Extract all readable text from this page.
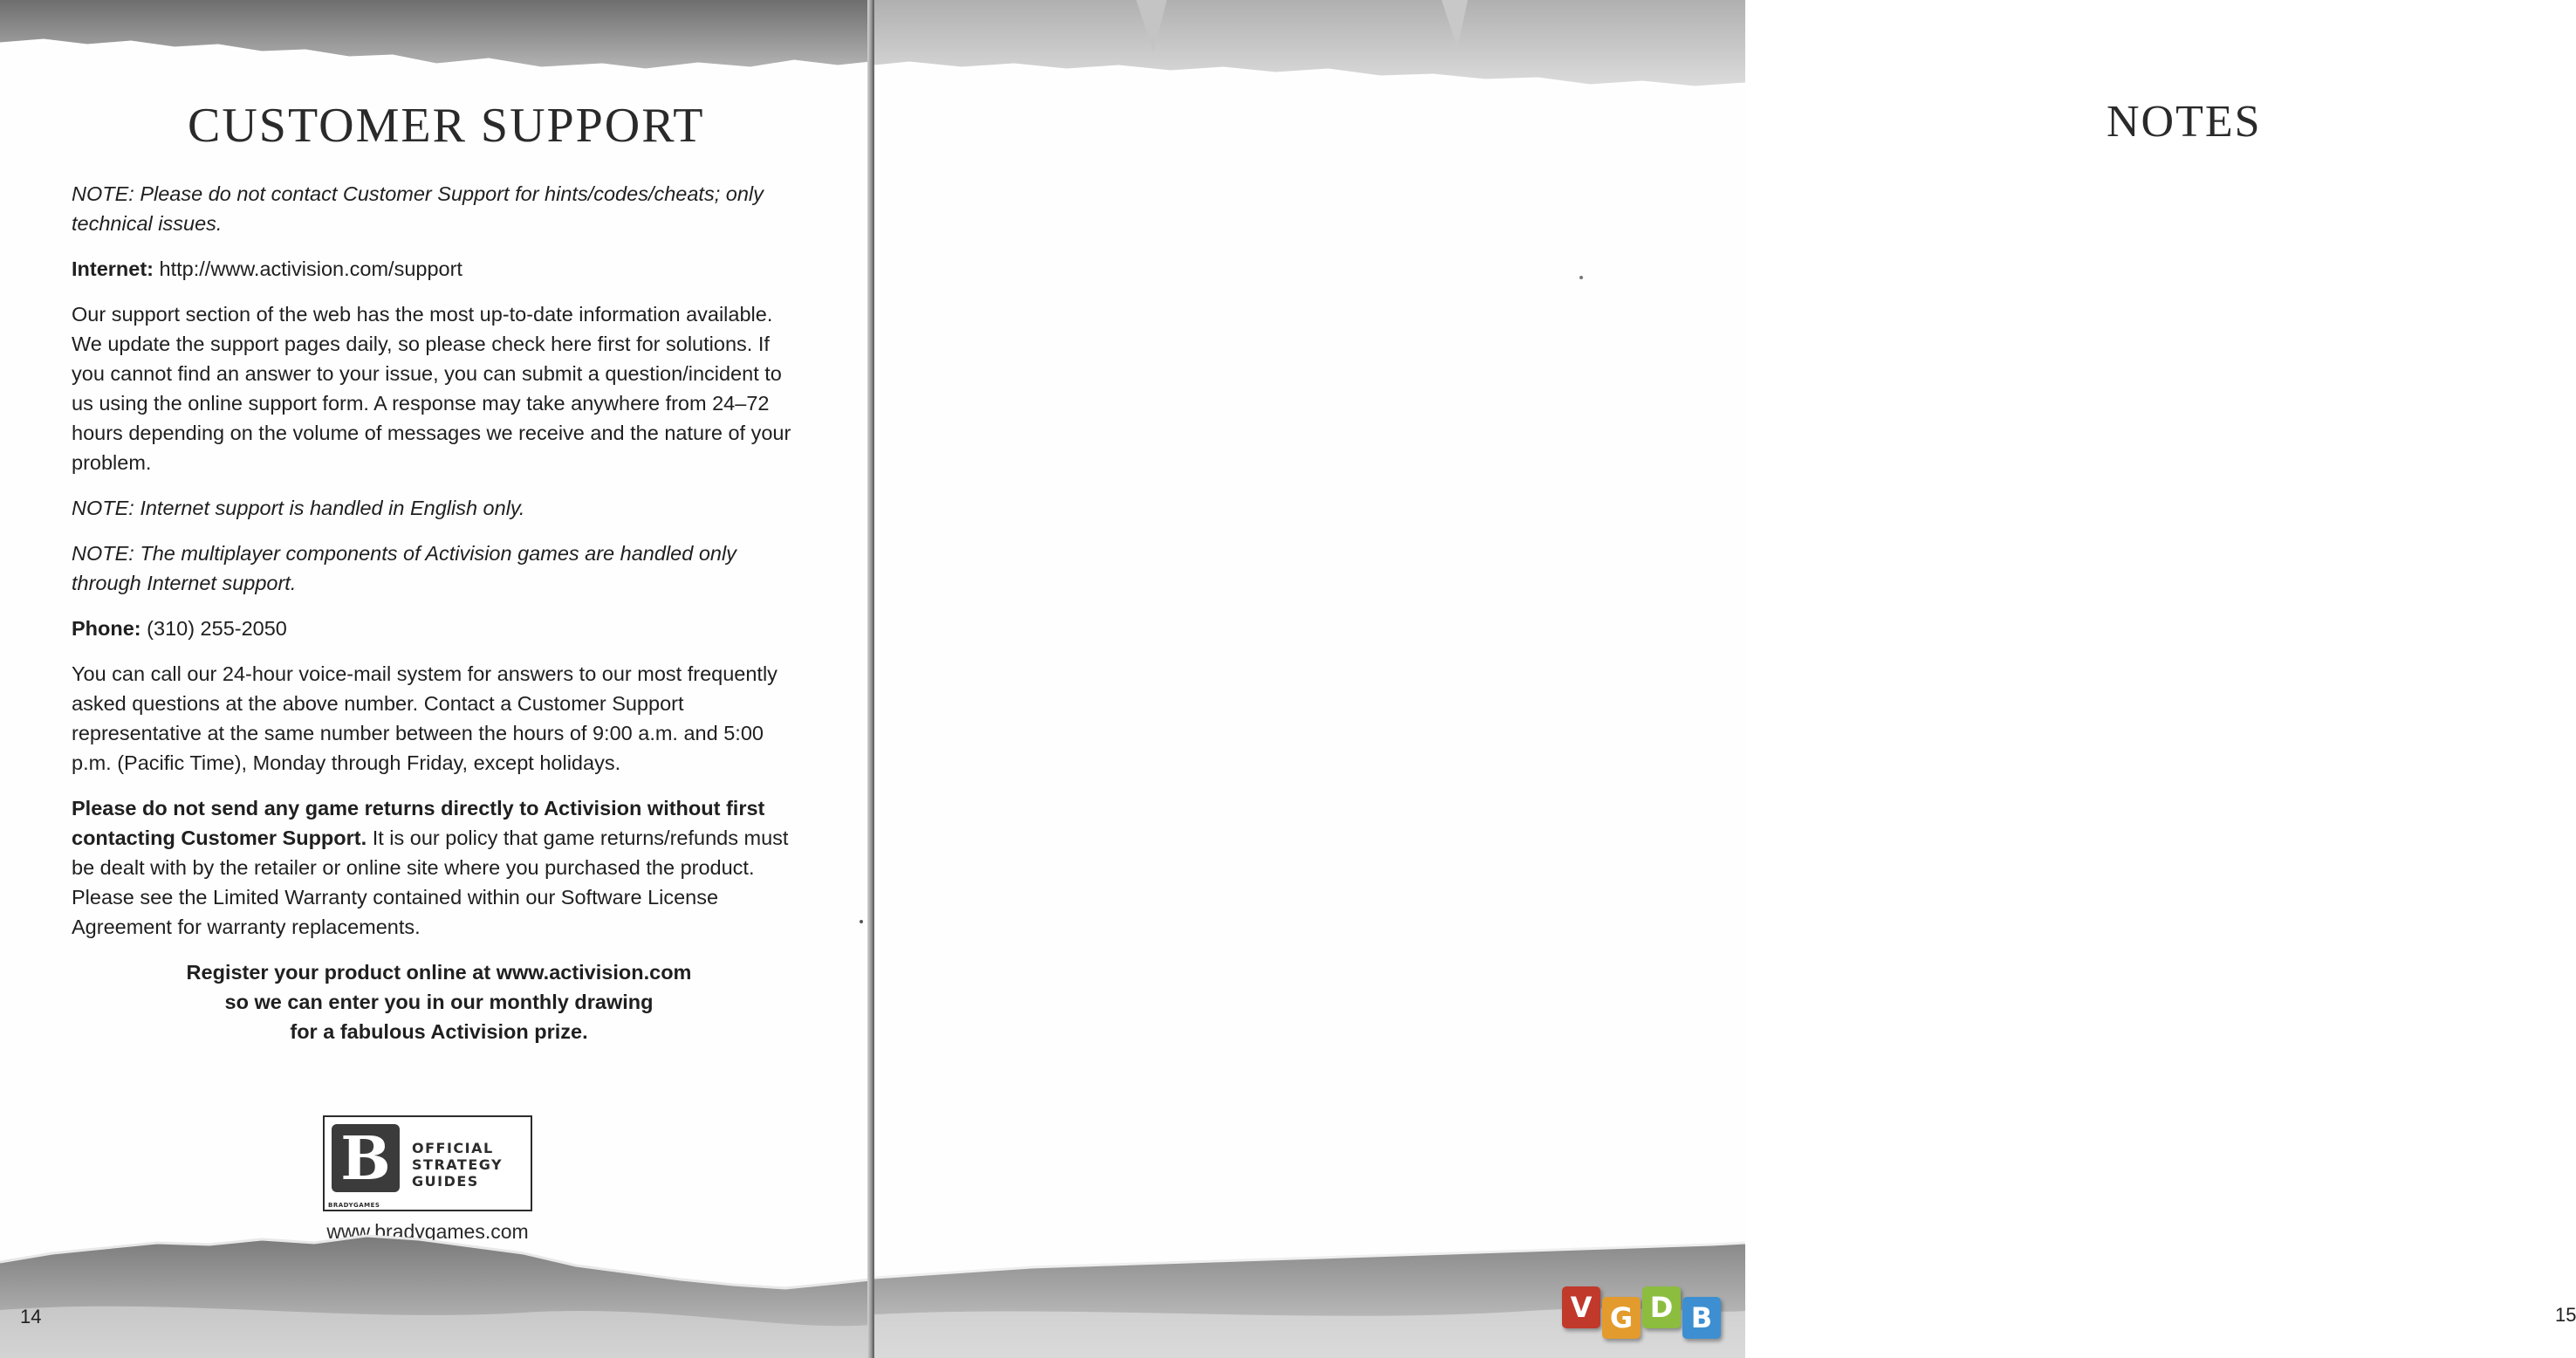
CUSTOMER SUPPORT

NOTE: Please do not contact Customer Support for hints/codes/cheats; only technical issues.

Internet: http://www.activision.com/support

Our support section of the web has the most up-to-date information available. We update the support pages daily, so please check here first for solutions. If you cannot find an answer to your issue, you can submit a question/incident to us using the online support form. A response may take anywhere from 24–72 hours depending on the volume of messages we receive and the nature of your problem.

NOTE: Internet support is handled in English only.

NOTE: The multiplayer components of Activision games are handled only through Internet support.

Phone: (310) 255-2050

You can call our 24-hour voice-mail system for answers to our most frequently asked questions at the above number. Contact a Customer Support representative at the same number between the hours of 9:00 a.m. and 5:00 p.m. (Pacific Time), Monday through Friday, except holidays.

Please do not send any game returns directly to Activision without first contacting Customer Support. It is our policy that game returns/refunds must be dealt with by the retailer or online site where you purchased the product. Please see the Limited Warranty contained within our Software License Agreement for warranty replacements.

Register your product online at www.activision.com
so we can enter you in our monthly drawing
for a fabulous Activision prize.
B	OFFICIAL
STRATEGY
GUIDES
BRADYGAMES
www.bradygames.com
14
NOTES
15
V G D B
